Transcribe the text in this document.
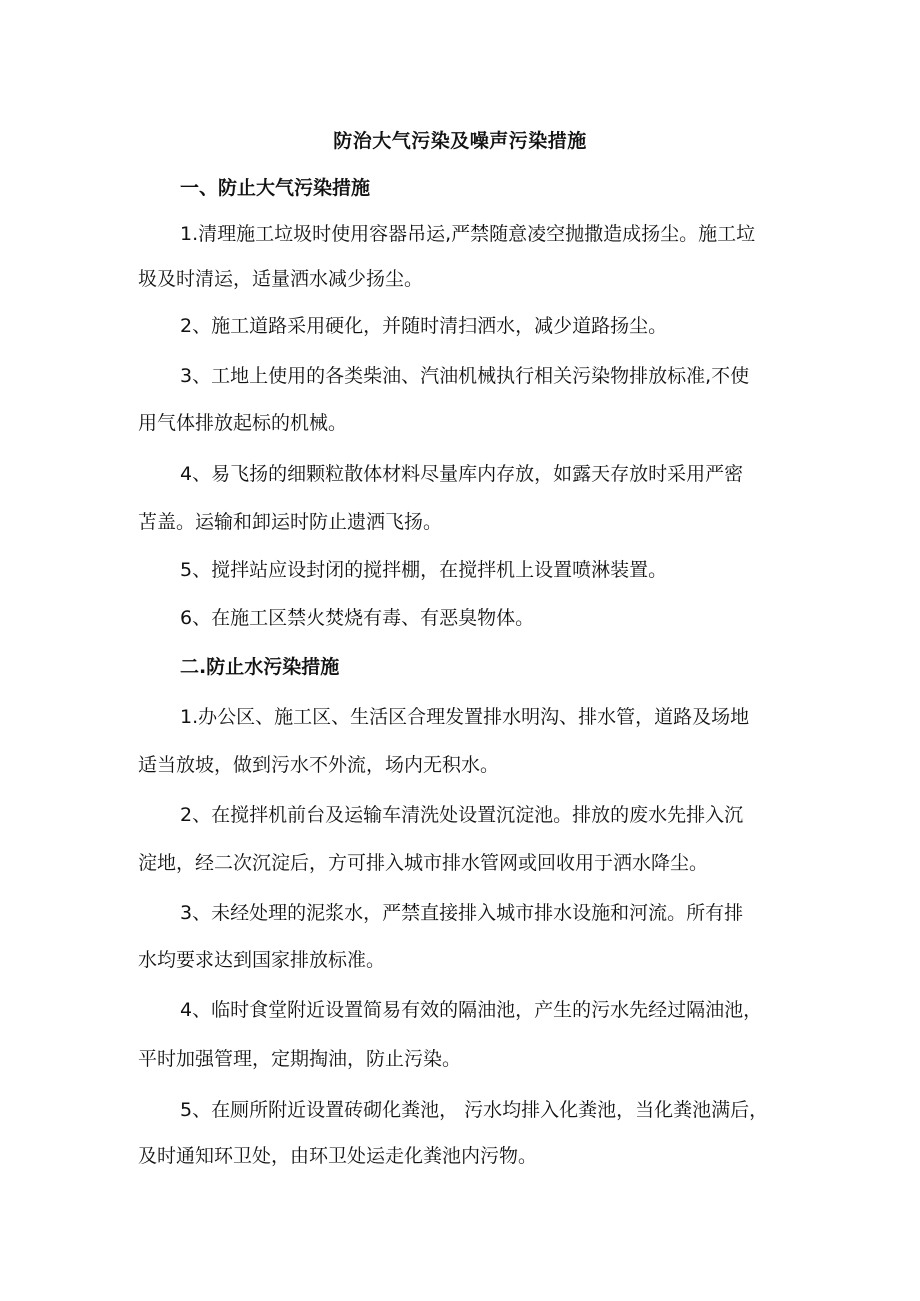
防治大气污染及噪声污染措施
一、防止大气污染措施
1.清理施工垃圾时使用容器吊运,严禁随意凌空抛撒造成扬尘。施工垃
圾及时清运，适量洒水减少扬尘。
2、施工道路采用硬化，并随时清扫洒水，减少道路扬尘。
3、工地上使用的各类柴油、汽油机械执行相关污染物排放标准,不使
用气体排放起标的机械。
4、易飞扬的细颗粒散体材料尽量库内存放，如露天存放时采用严密
苫盖。运输和卸运时防止遗洒飞扬。
5、搅拌站应设封闭的搅拌棚，在搅拌机上设置喷淋装置。
6、在施工区禁火焚烧有毒、有恶臭物体。
二.防止水污染措施
1.办公区、施工区、生活区合理发置排水明沟、排水管，道路及场地
适当放坡，做到污水不外流，场内无积水。
2、在搅拌机前台及运输车清洗处设置沉淀池。排放的废水先排入沉
淀地，经二次沉淀后，方可排入城市排水管网或回收用于洒水降尘。
3、未经处理的泥浆水，严禁直接排入城市排水设施和河流。所有排
水均要求达到国家排放标准。
4、临时食堂附近设置简易有效的隔油池，产生的污水先经过隔油池，
平时加强管理，定期掏油，防止污染。
5、在厕所附近设置砖砌化粪池， 污水均排入化粪池，当化粪池满后，
及时通知环卫处，由环卫处运走化粪池内污物。
